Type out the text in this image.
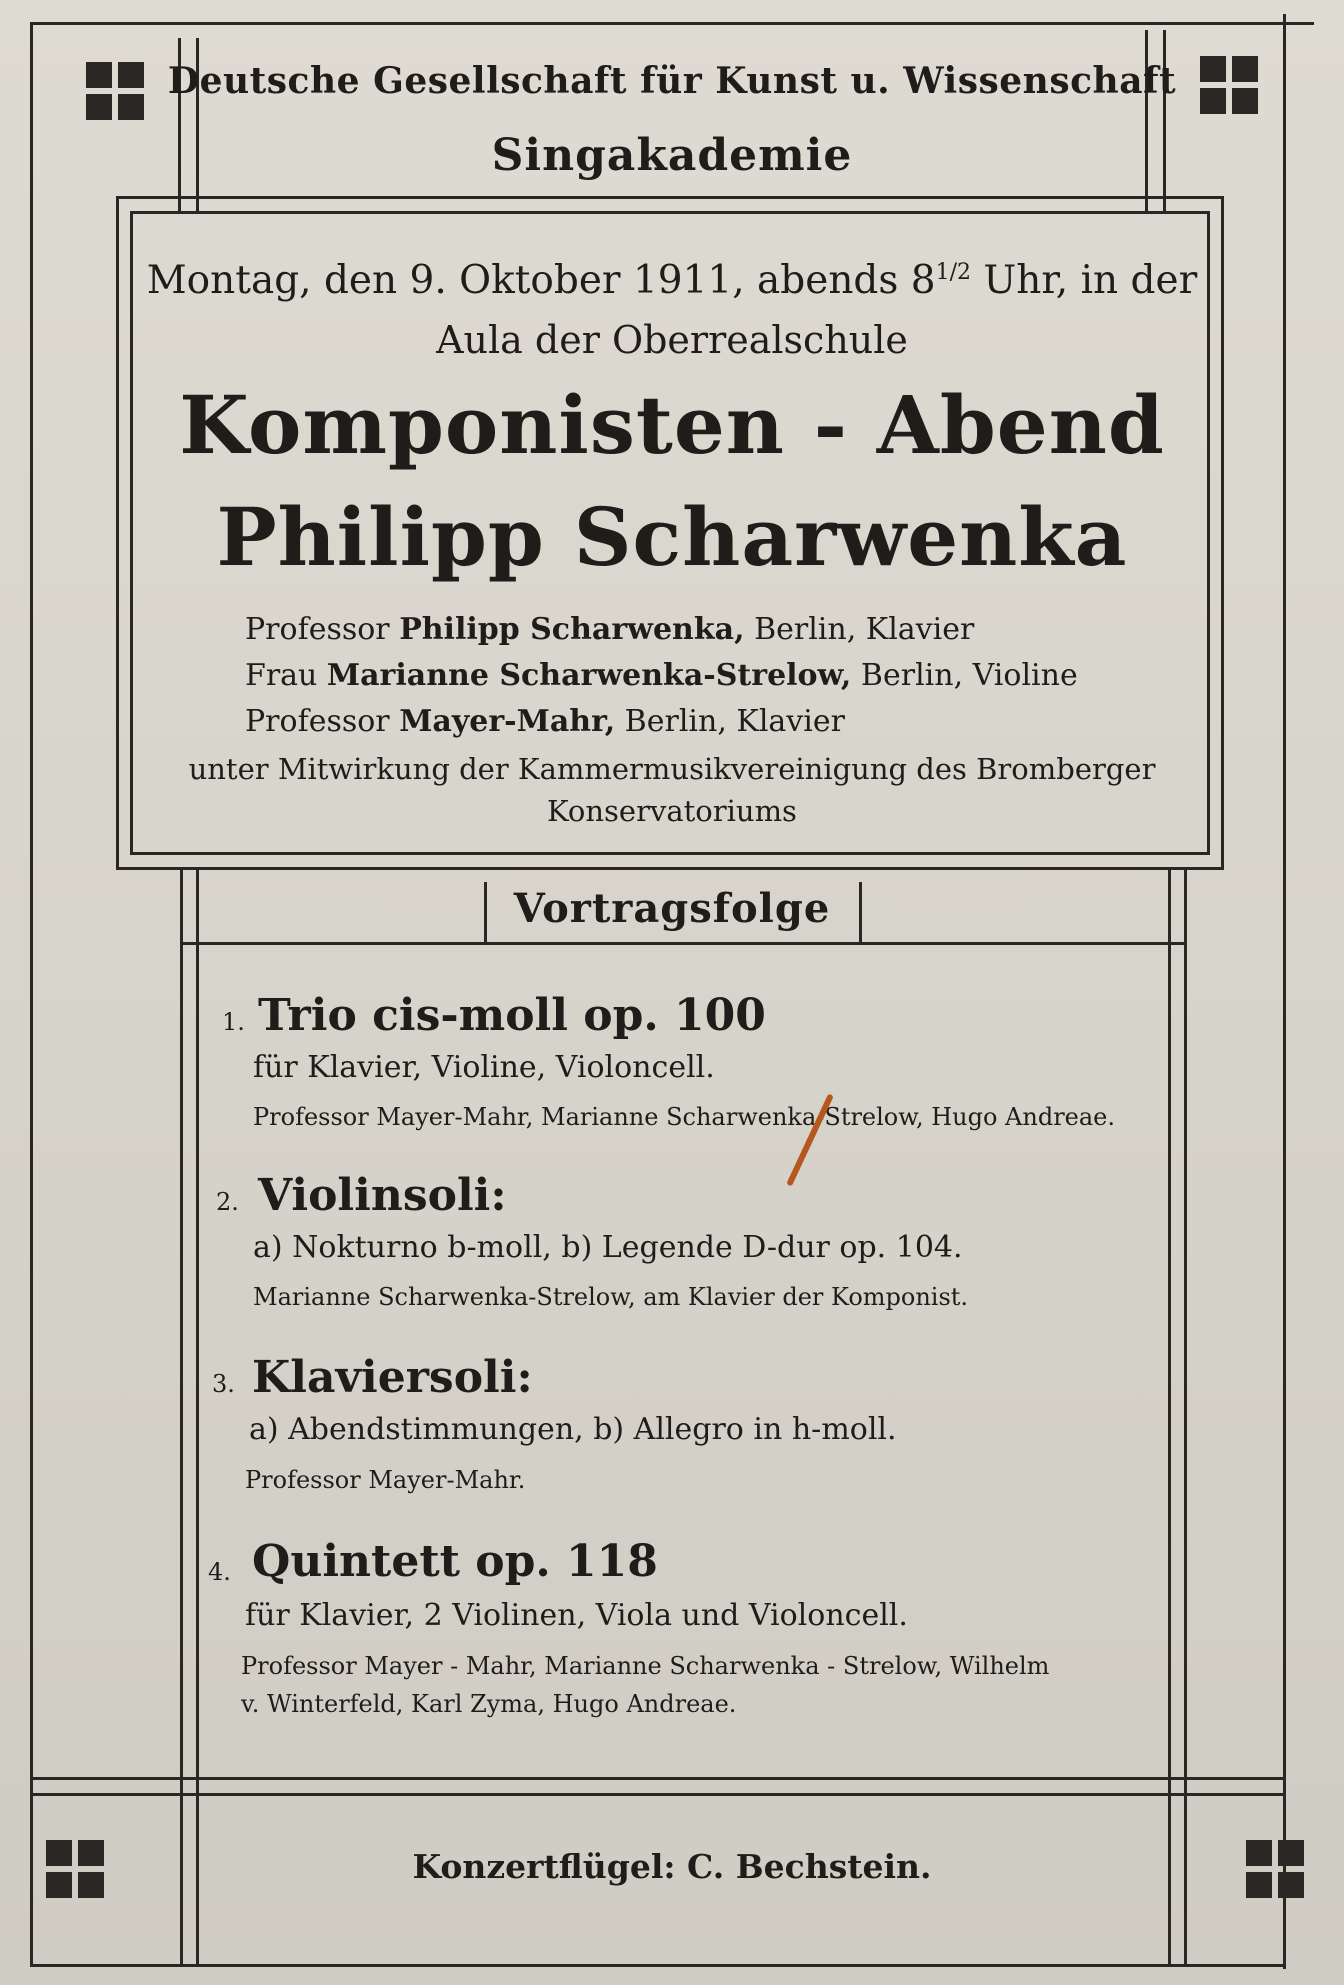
Deutsche Gesellschaft für Kunst u. Wissenschaft
Singakademie
Montag, den 9. Oktober 1911, abends $8^{1/2}$ Uhr, in der
Aula der Oberrealschule
Komponisten - Abend
Philipp Scharwenka
Professor Philipp Scharwenka, Berlin, Klavier
Frau Marianne Scharwenka-Strelow, Berlin, Violine
Professor Mayer-Mahr, Berlin, Klavier
unter Mitwirkung der Kammermusikvereinigung des Bromberger
Konservatoriums
Vortragsfolge
1. Trio cis-moll op. 100
für Klavier, Violine, Violoncell.
Professor Mayer-Mahr, Marianne Scharwenka-Strelow, Hugo Andreae.
2. Violinsoli:
a) Nokturno b-moll, b) Legende D-dur op. 104.
Marianne Scharwenka-Strelow, am Klavier der Komponist.
3. Klaviersoli:
a) Abendstimmungen, b) Allegro in h-moll.
Professor Mayer-Mahr.
4. Quintett op. 118
für Klavier, 2 Violinen, Viola und Violoncell.
Professor Mayer - Mahr, Marianne Scharwenka - Strelow, Wilhelm
v. Winterfeld, Karl Zyma, Hugo Andreae.
Konzertflügel: C. Bechstein.
